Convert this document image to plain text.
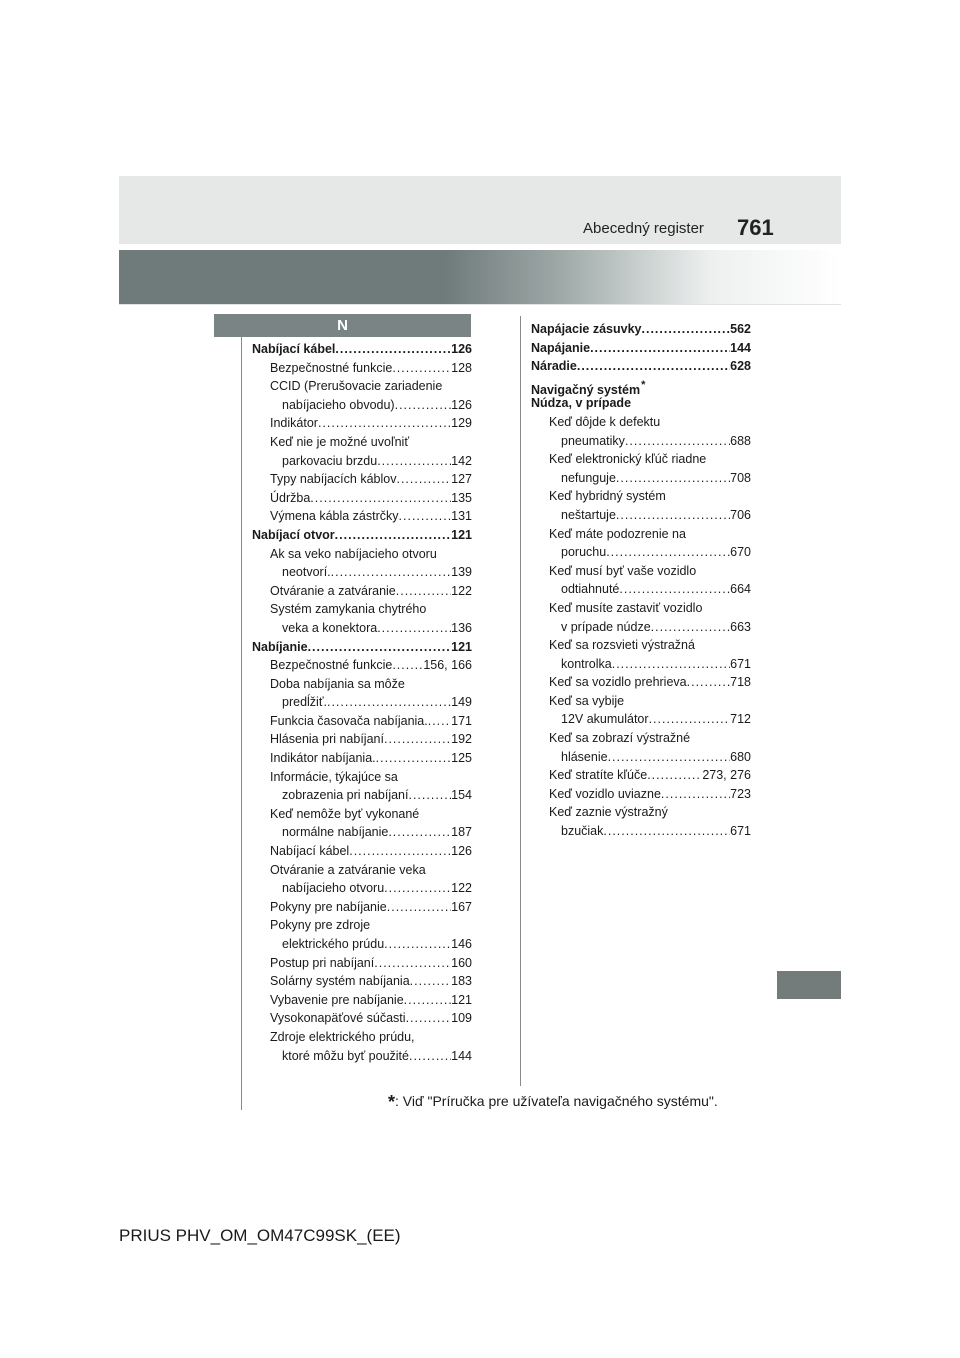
Abecedný register 761
N
Nabíjací kábel .....	126
Bezpečnostné funkcie .....	128
CCID (Prerušovacie zariadenie
nabíjacieho obvodu) .....	126
Indikátor .....	129
Keď nie je možné uvoľniť
parkovaciu brzdu .....	142
Typy nabíjacích káblov .....	127
Údržba .....	135
Výmena kábla zástrčky .....	131
Nabíjací otvor .....	121
Ak sa veko nabíjacieho otvoru
neotvorí. .....	139
Otváranie a zatváranie .....	122
Systém zamykania chytrého
veka a konektora .....	136
Nabíjanie .....	121
Bezpečnostné funkcie ..... 156, 166
Doba nabíjania sa môže
predĺžiť. .....	149
Funkcia časovača nabíjania. ..... 171
Hlásenia pri nabíjaní .....	192
Indikátor nabíjania. .....	125
Informácie, týkajúce sa
zobrazenia pri nabíjaní .....	154
Keď nemôže byť vykonané
normálne nabíjanie .....	187
Nabíjací kábel .....	126
Otváranie a zatváranie veka
nabíjacieho otvoru .....	122
Pokyny pre nabíjanie .....	167
Pokyny pre zdroje
elektrického prúdu .....	146
Postup pri nabíjaní .....	160
Solárny systém nabíjania .....	183
Vybavenie pre nabíjanie .....	121
Vysokonapäťové súčasti .....	109
Zdroje elektrického prúdu,
ktoré môžu byť použité .....	144
Napájacie zásuvky .....	562
Napájanie .....	144
Náradie .....	628
Navigačný systém*
Núdza, v prípade
Keď dôjde k defektu
pneumatiky .....	688
Keď elektronický kľúč riadne
nefunguje .....	708
Keď hybridný systém
neštartuje .....	706
Keď máte podozrenie na
poruchu .....	670
Keď musí byť vaše vozidlo
odtiahnuté .....	664
Keď musíte zastaviť vozidlo
v prípade núdze .....	663
Keď sa rozsvieti výstražná
kontrolka .....	671
Keď sa vozidlo prehrieva .....	718
Keď sa vybije
12V akumulátor .....	712
Keď sa zobrazí výstražné
hlásenie .....	680
Keď stratíte kľúče .....	273, 276
Keď vozidlo uviazne .....	723
Keď zaznie výstražný
bzučiak .....	671
*: Viď "Príručka pre užívateľa navigačného systému".
PRIUS PHV_OM_OM47C99SK_(EE)
